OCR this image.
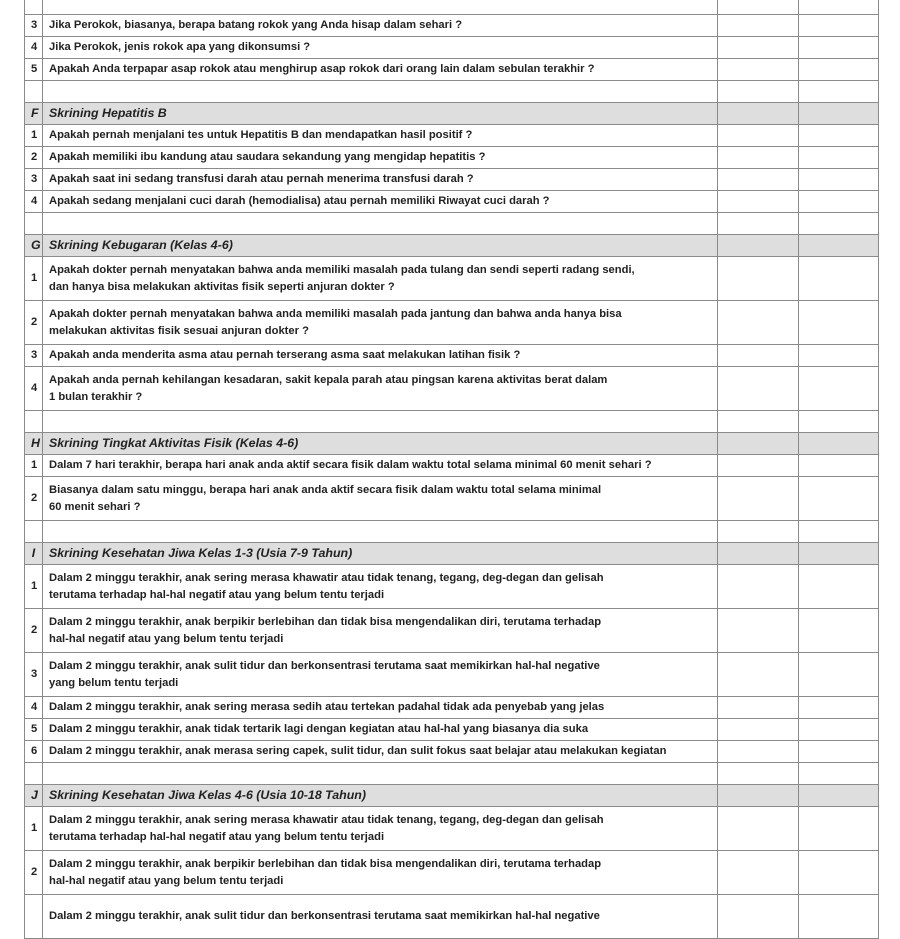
3	Jika Perokok, biasanya, berapa batang rokok yang Anda hisap dalam sehari ?		
4	Jika Perokok, jenis rokok apa yang dikonsumsi ?		
5	Apakah Anda terpapar asap rokok atau menghirup asap rokok dari orang lain dalam sebulan terakhir ?		

F	Skrining Hepatitis B		
1	Apakah pernah menjalani tes untuk Hepatitis B dan mendapatkan hasil positif ?		
2	Apakah memiliki ibu kandung atau saudara sekandung yang mengidap hepatitis ?		
3	Apakah saat ini sedang transfusi darah atau pernah menerima transfusi darah ?		
4	Apakah sedang menjalani cuci darah (hemodialisa) atau pernah memiliki Riwayat cuci darah ?		

G	Skrining Kebugaran (Kelas 4-6)		
1	Apakah dokter pernah menyatakan bahwa anda memiliki masalah pada tulang dan sendi seperti radang sendi,
dan hanya bisa melakukan aktivitas fisik seperti anjuran dokter ?		

2	Apakah dokter pernah menyatakan bahwa anda memiliki masalah pada jantung dan bahwa anda hanya bisa
melakukan aktivitas fisik sesuai anjuran dokter ?		

3	Apakah anda menderita asma atau pernah terserang asma saat melakukan latihan fisik ?		
4	Apakah anda pernah kehilangan kesadaran, sakit kepala parah atau pingsan karena aktivitas berat dalam
1 bulan terakhir ?		

H	Skrining Tingkat Aktivitas Fisik (Kelas 4-6)		
1	Dalam 7 hari terakhir, berapa hari anak anda aktif secara fisik dalam waktu total selama minimal 60 menit sehari ?		
2	Biasanya dalam satu minggu, berapa hari anak anda aktif secara fisik dalam waktu total selama minimal
60 menit sehari ?		

I	Skrining Kesehatan Jiwa Kelas 1-3 (Usia 7-9 Tahun)		
1	Dalam 2 minggu terakhir, anak sering merasa khawatir atau tidak tenang, tegang, deg-degan dan gelisah
terutama terhadap hal-hal negatif atau yang belum tentu terjadi		

2	Dalam 2 minggu terakhir, anak berpikir berlebihan dan tidak bisa mengendalikan diri, terutama terhadap
hal-hal negatif atau yang belum tentu terjadi		

3	Dalam 2 minggu terakhir, anak sulit tidur dan berkonsentrasi terutama saat memikirkan hal-hal negative
yang belum tentu terjadi		

4	Dalam 2 minggu terakhir, anak sering merasa sedih atau tertekan padahal tidak ada penyebab yang jelas		
5	Dalam 2 minggu terakhir, anak tidak tertarik lagi dengan kegiatan atau hal-hal yang biasanya dia suka		
6	Dalam 2 minggu terakhir, anak merasa sering capek, sulit tidur, dan sulit fokus saat belajar atau melakukan kegiatan		

J	Skrining Kesehatan Jiwa Kelas 4-6 (Usia 10-18 Tahun)		
1	Dalam 2 minggu terakhir, anak sering merasa khawatir atau tidak tenang, tegang, deg-degan dan gelisah
terutama terhadap hal-hal negatif atau yang belum tentu terjadi		

2	Dalam 2 minggu terakhir, anak berpikir berlebihan dan tidak bisa mengendalikan diri, terutama terhadap
hal-hal negatif atau yang belum tentu terjadi		

	Dalam 2 minggu terakhir, anak sulit tidur dan berkonsentrasi terutama saat memikirkan hal-hal negative		
